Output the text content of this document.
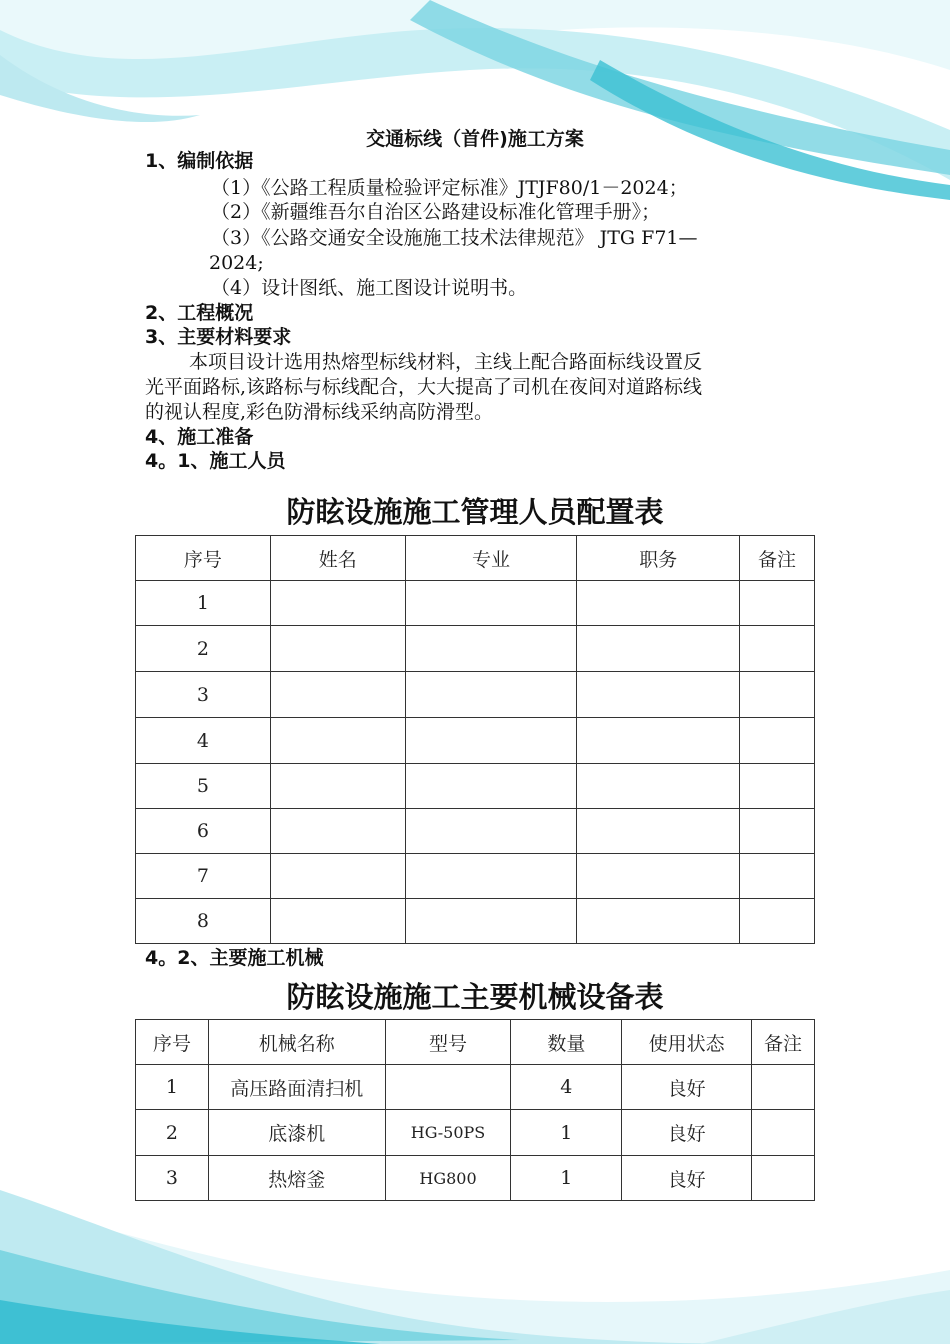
交通标线（首件)施工方案
1、编制依据
（1）《公路工程质量检验评定标准》JTJF80/1－2024；
（2）《新疆维吾尔自治区公路建设标准化管理手册》；
（3）《公路交通安全设施施工技术法律规范》 JTG F71—
2024;
（4）设计图纸、施工图设计说明书。
2、工程概况
3、主要材料要求
本项目设计选用热熔型标线材料，主线上配合路面标线设置反
光平面路标,该路标与标线配合，大大提高了司机在夜间对道路标线
的视认程度,彩色防滑标线采纳高防滑型。
4、施工准备
4。1、施工人员
防眩设施施工管理人员配置表
序号	姓名	专业	职务	备注
1				
2				
3				
4				
5				
6				
7				
8				
4。2、主要施工机械
防眩设施施工主要机械设备表
序号	机械名称	型号	数量	使用状态	备注
1	高压路面清扫机		4	良好	
2	底漆机	HG-50PS	1	良好	
3	热熔釜	HG800	1	良好	
